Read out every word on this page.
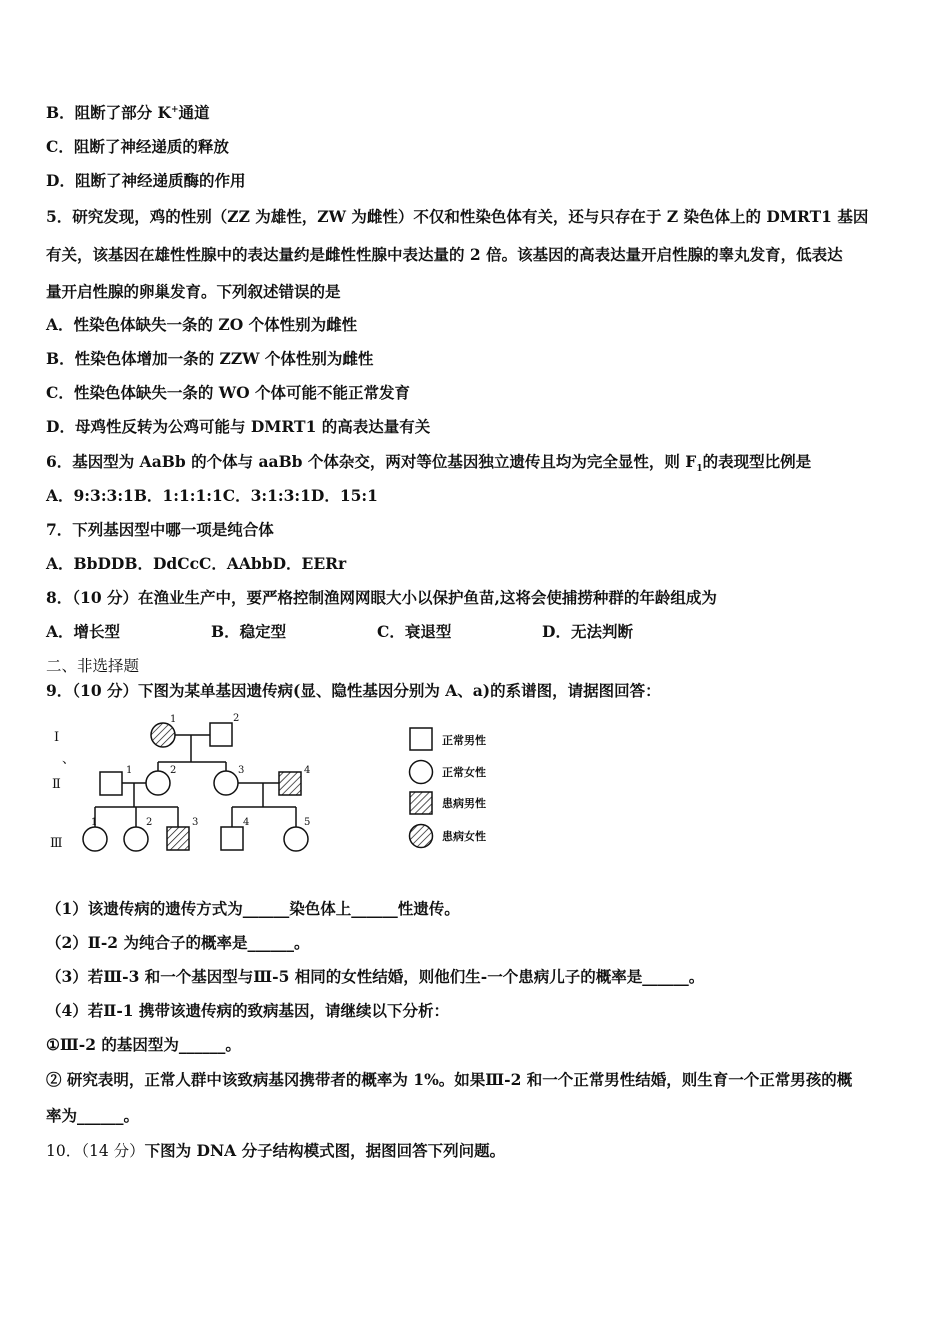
B．阻断了部分 K+通道
C．阻断了神经递质的释放
D．阻断了神经递质酶的作用
5．研究发现，鸡的性别（ZZ 为雄性，ZW 为雌性）不仅和性染色体有关，还与只存在于 Z 染色体上的 DMRT1 基因
有关，该基因在雄性性腺中的表达量约是雌性性腺中表达量的 2 倍。该基因的高表达量开启性腺的睾丸发育，低表达
量开启性腺的卵巢发育。下列叙述错误的是
A．性染色体缺失一条的 ZO 个体性别为雌性
B．性染色体增加一条的 ZZW 个体性别为雌性
C．性染色体缺失一条的 WO 个体可能不能正常发育
D．母鸡性反转为公鸡可能与 DMRT1 的高表达量有关
6．基因型为 AaBb 的个体与 aaBb 个体杂交，两对等位基因独立遗传且均为完全显性，则 $F_1$的表现型比例是
A．9:3:3:1B．1:1:1:1C．3:1:3:1D．15:1
7．下列基因型中哪一项是纯合体
A．BbDDB．DdCcC．AAbbD．EERr
8．（10 分）在渔业生产中，要严格控制渔网网眼大小以保护鱼苗,这将会使捕捞种群的年龄组成为
A．增长型	B．稳定型	C．衰退型	D．无法判断
二、非选择题
9．（10 分）下图为某单基因遗传病(显、隐性基因分别为 A、a)的系谱图，请据图回答：
Ⅰ
、
Ⅱ
Ⅲ
1	2
1	2	3	4
1	2	3	4	5
正常男性
正常女性
患病男性
患病女性
（1）该遗传病的遗传方式为______染色体上______性遗传。
（2）Ⅱ-2 为纯合子的概率是______。
（3）若Ⅲ-3 和一个基因型与Ⅲ-5 相同的女性结婚，则他们生-一个患病儿子的概率是______。
（4）若Ⅱ-1 携带该遗传病的致病基因，请继续以下分析：
①Ⅲ-2 的基因型为______。
② 研究表明，正常人群中该致病基冈携带者的概率为 1%。如果Ⅲ-2 和一个正常男性结婚，则生育一个正常男孩的概
率为______。
10．（14 分）下图为 DNA 分子结构模式图，据图回答下列问题。
